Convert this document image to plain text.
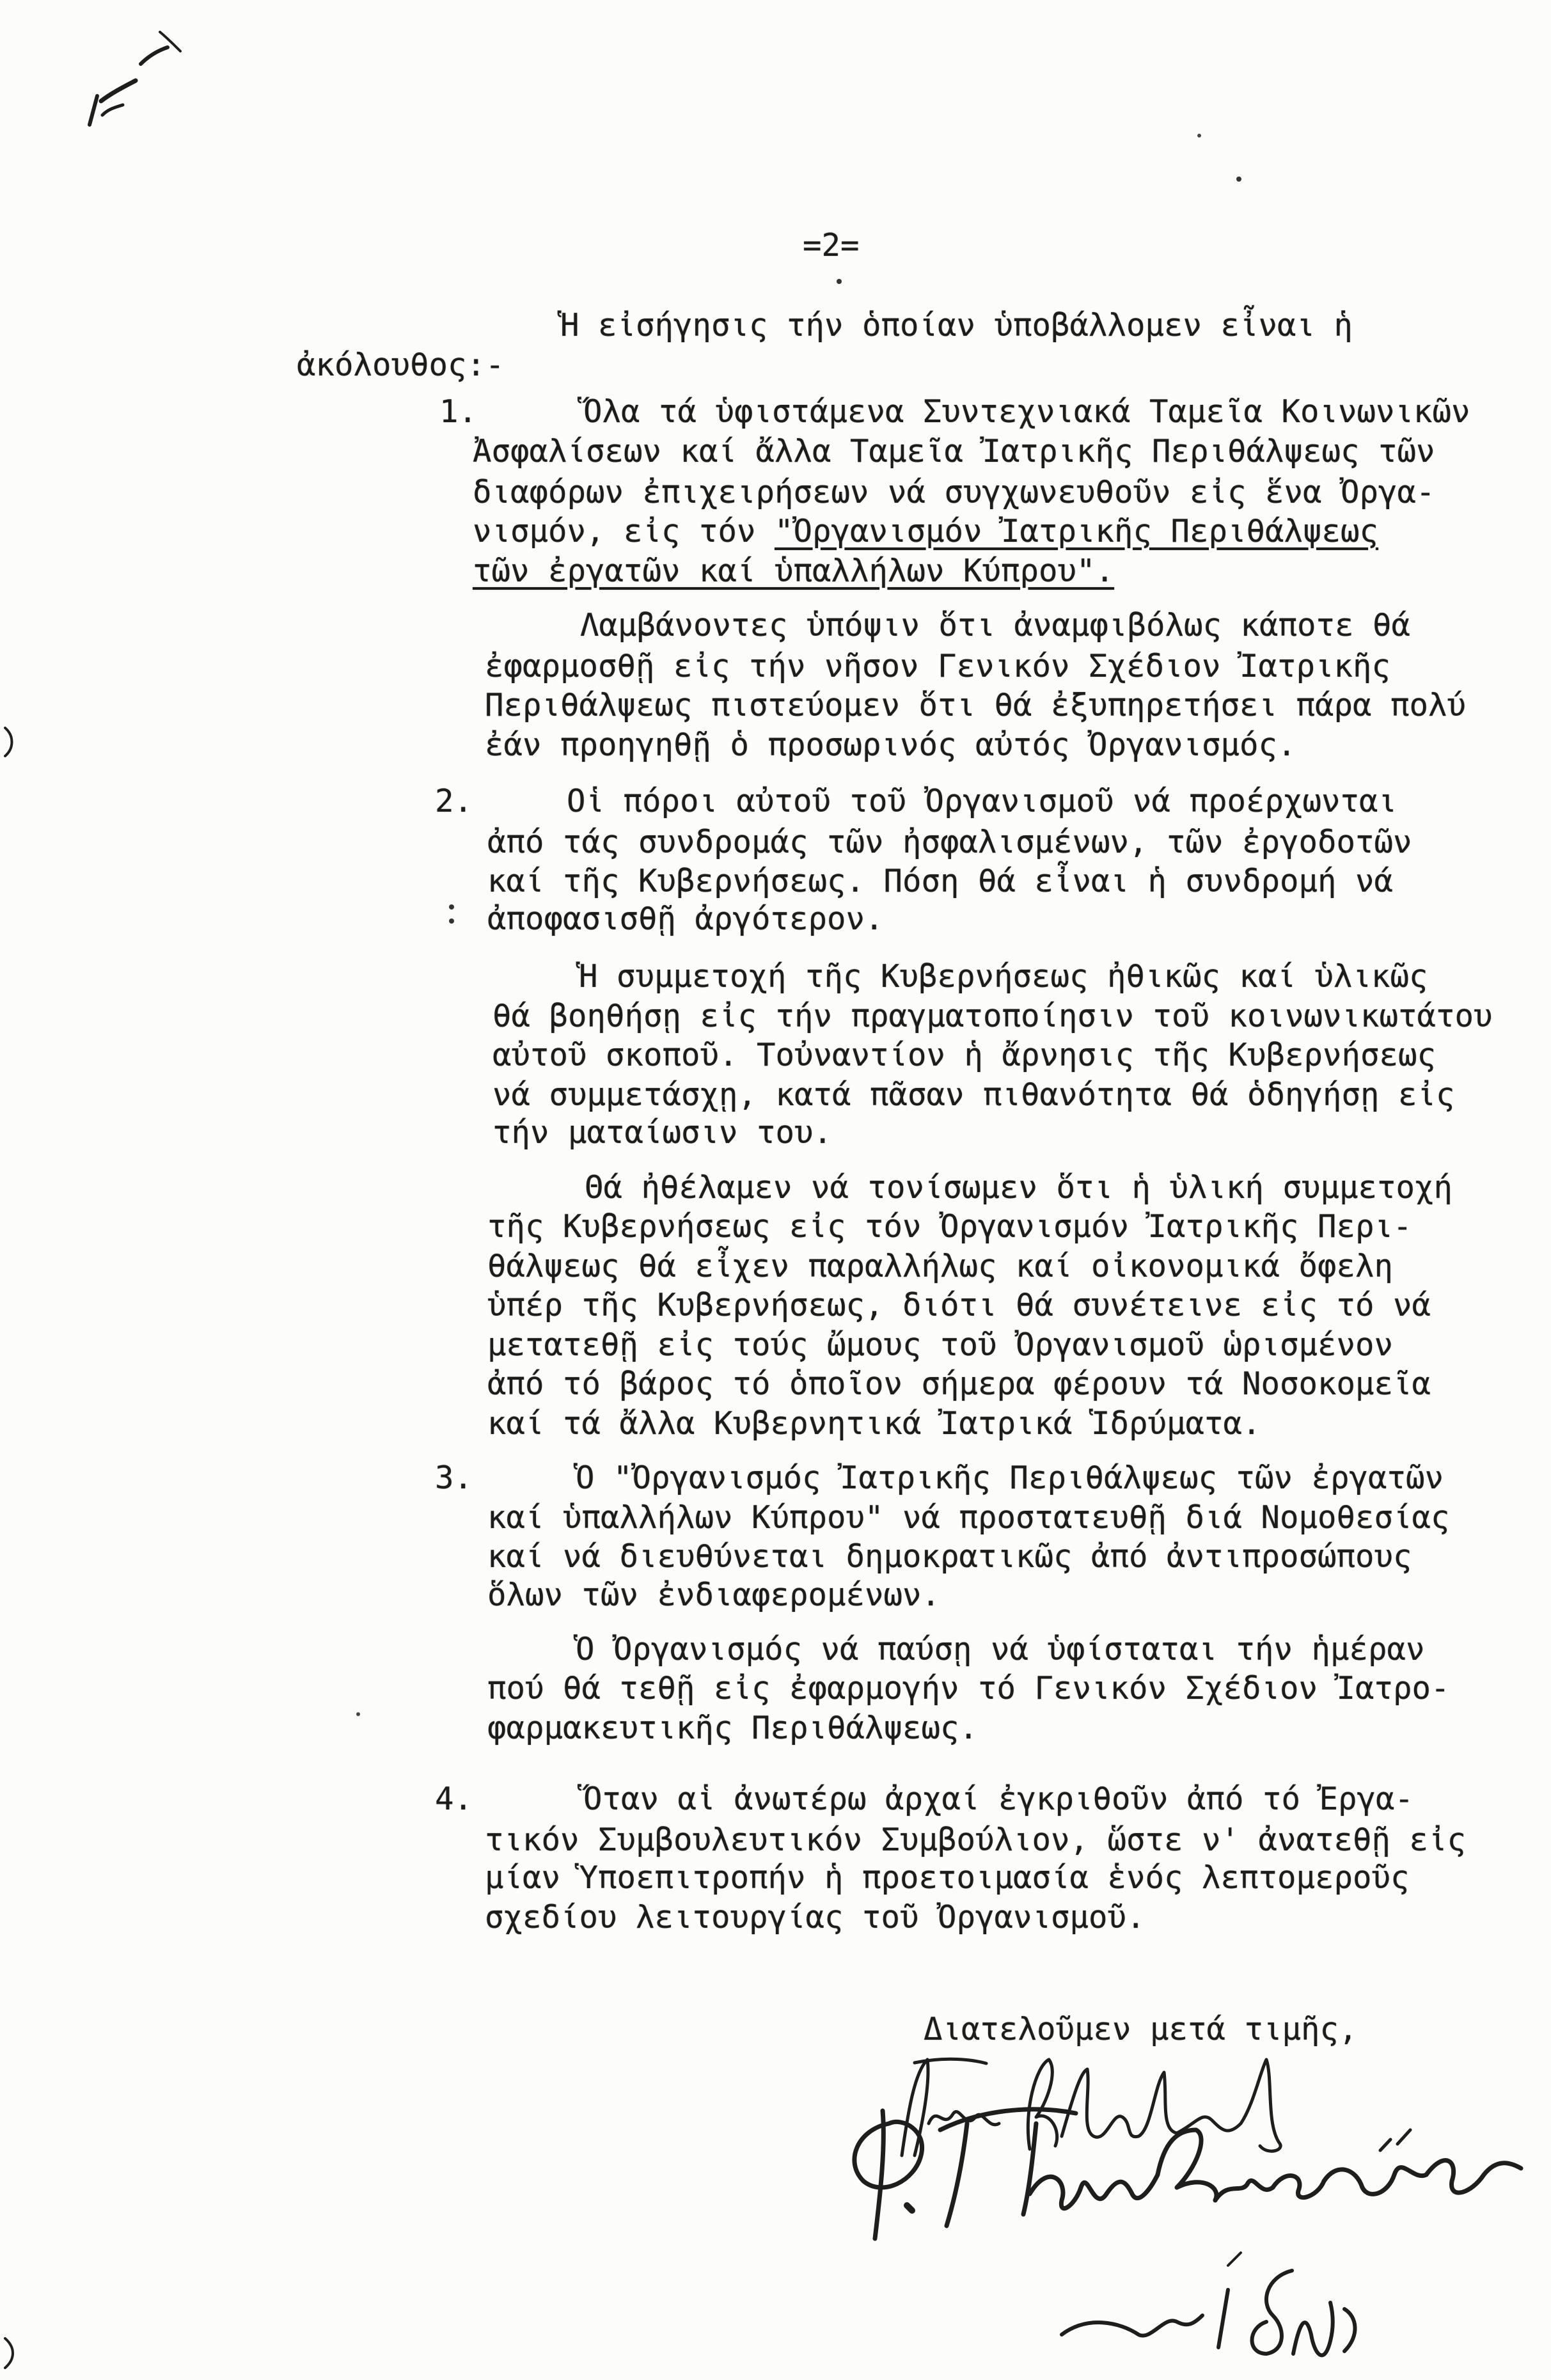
=2=
Ἡ εἰσήγησις τήν ὁποίαν ὑποβάλλομεν εἶναι ἡ
ἀκόλουθος:-
1.	Ὅλα τά ὑφιστάμενα Συντεχνιακά Ταμεῖα Κοινωνικῶν
Ἀσφαλίσεων καί ἄλλα Ταμεῖα Ἰατρικῆς Περιθάλψεως τῶν
διαφόρων ἐπιχειρήσεων νά συγχωνευθοῦν εἰς ἕνα Ὀργα-
νισμόν, εἰς τόν "Ὀργανισμόν Ἰατρικῆς Περιθάλψεως
τῶν ἐργατῶν καί ὑπαλλήλων Κύπρου".
Λαμβάνοντες ὑπόψιν ὅτι ἀναμφιβόλως κάποτε θά
ἐφαρμοσθῇ εἰς τήν νῆσον Γενικόν Σχέδιον Ἰατρικῆς
Περιθάλψεως πιστεύομεν ὅτι θά ἐξυπηρετήσει πάρα πολύ
ἐάν προηγηθῇ ὁ προσωρινός αὐτός Ὀργανισμός.
2.	Οἱ πόροι αὐτοῦ τοῦ Ὀργανισμοῦ νά προέρχωνται
ἀπό τάς συνδρομάς τῶν ἠσφαλισμένων, τῶν ἐργοδοτῶν
καί τῆς Κυβερνήσεως. Πόση θά εἶναι ἡ συνδρομή νά
ἀποφασισθῇ ἀργότερον.
Ἡ συμμετοχή τῆς Κυβερνήσεως ἠθικῶς καί ὑλικῶς
θά βοηθήσῃ εἰς τήν πραγματοποίησιν τοῦ κοινωνικωτάτου
αὐτοῦ σκοποῦ. Τοὐναντίον ἡ ἄρνησις τῆς Κυβερνήσεως
νά συμμετάσχῃ, κατά πᾶσαν πιθανότητα θά ὁδηγήσῃ εἰς
τήν ματαίωσιν του.
Θά ἠθέλαμεν νά τονίσωμεν ὅτι ἡ ὑλική συμμετοχή
τῆς Κυβερνήσεως εἰς τόν Ὀργανισμόν Ἰατρικῆς Περι-
θάλψεως θά εἶχεν παραλλήλως καί οἰκονομικά ὄφελη
ὑπέρ τῆς Κυβερνήσεως, διότι θά συνέτεινε εἰς τό νά
μετατεθῇ εἰς τούς ὤμους τοῦ Ὀργανισμοῦ ὡρισμένον
ἀπό τό βάρος τό ὁποῖον σήμερα φέρουν τά Νοσοκομεῖα
καί τά ἄλλα Κυβερνητικά Ἰατρικά Ἱδρύματα.
3.	Ὁ "Ὀργανισμός Ἰατρικῆς Περιθάλψεως τῶν ἐργατῶν
καί ὑπαλλήλων Κύπρου" νά προστατευθῇ διά Νομοθεσίας
καί νά διευθύνεται δημοκρατικῶς ἀπό ἀντιπροσώπους
ὅλων τῶν ἐνδιαφερομένων.
Ὁ Ὀργανισμός νά παύσῃ νά ὑφίσταται τήν ἡμέραν
πού θά τεθῇ εἰς ἐφαρμογήν τό Γενικόν Σχέδιον Ἰατρο-
φαρμακευτικῆς Περιθάλψεως.
4.	Ὅταν αἱ ἀνωτέρω ἀρχαί ἐγκριθοῦν ἀπό τό Ἐργα-
τικόν Συμβουλευτικόν Συμβούλιον, ὥστε ν' ἀνατεθῇ εἰς
μίαν Ὑποεπιτροπήν ἡ προετοιμασία ἑνός λεπτομεροῦς
σχεδίου λειτουργίας τοῦ Ὀργανισμοῦ.
Διατελοῦμεν μετά τιμῆς,
